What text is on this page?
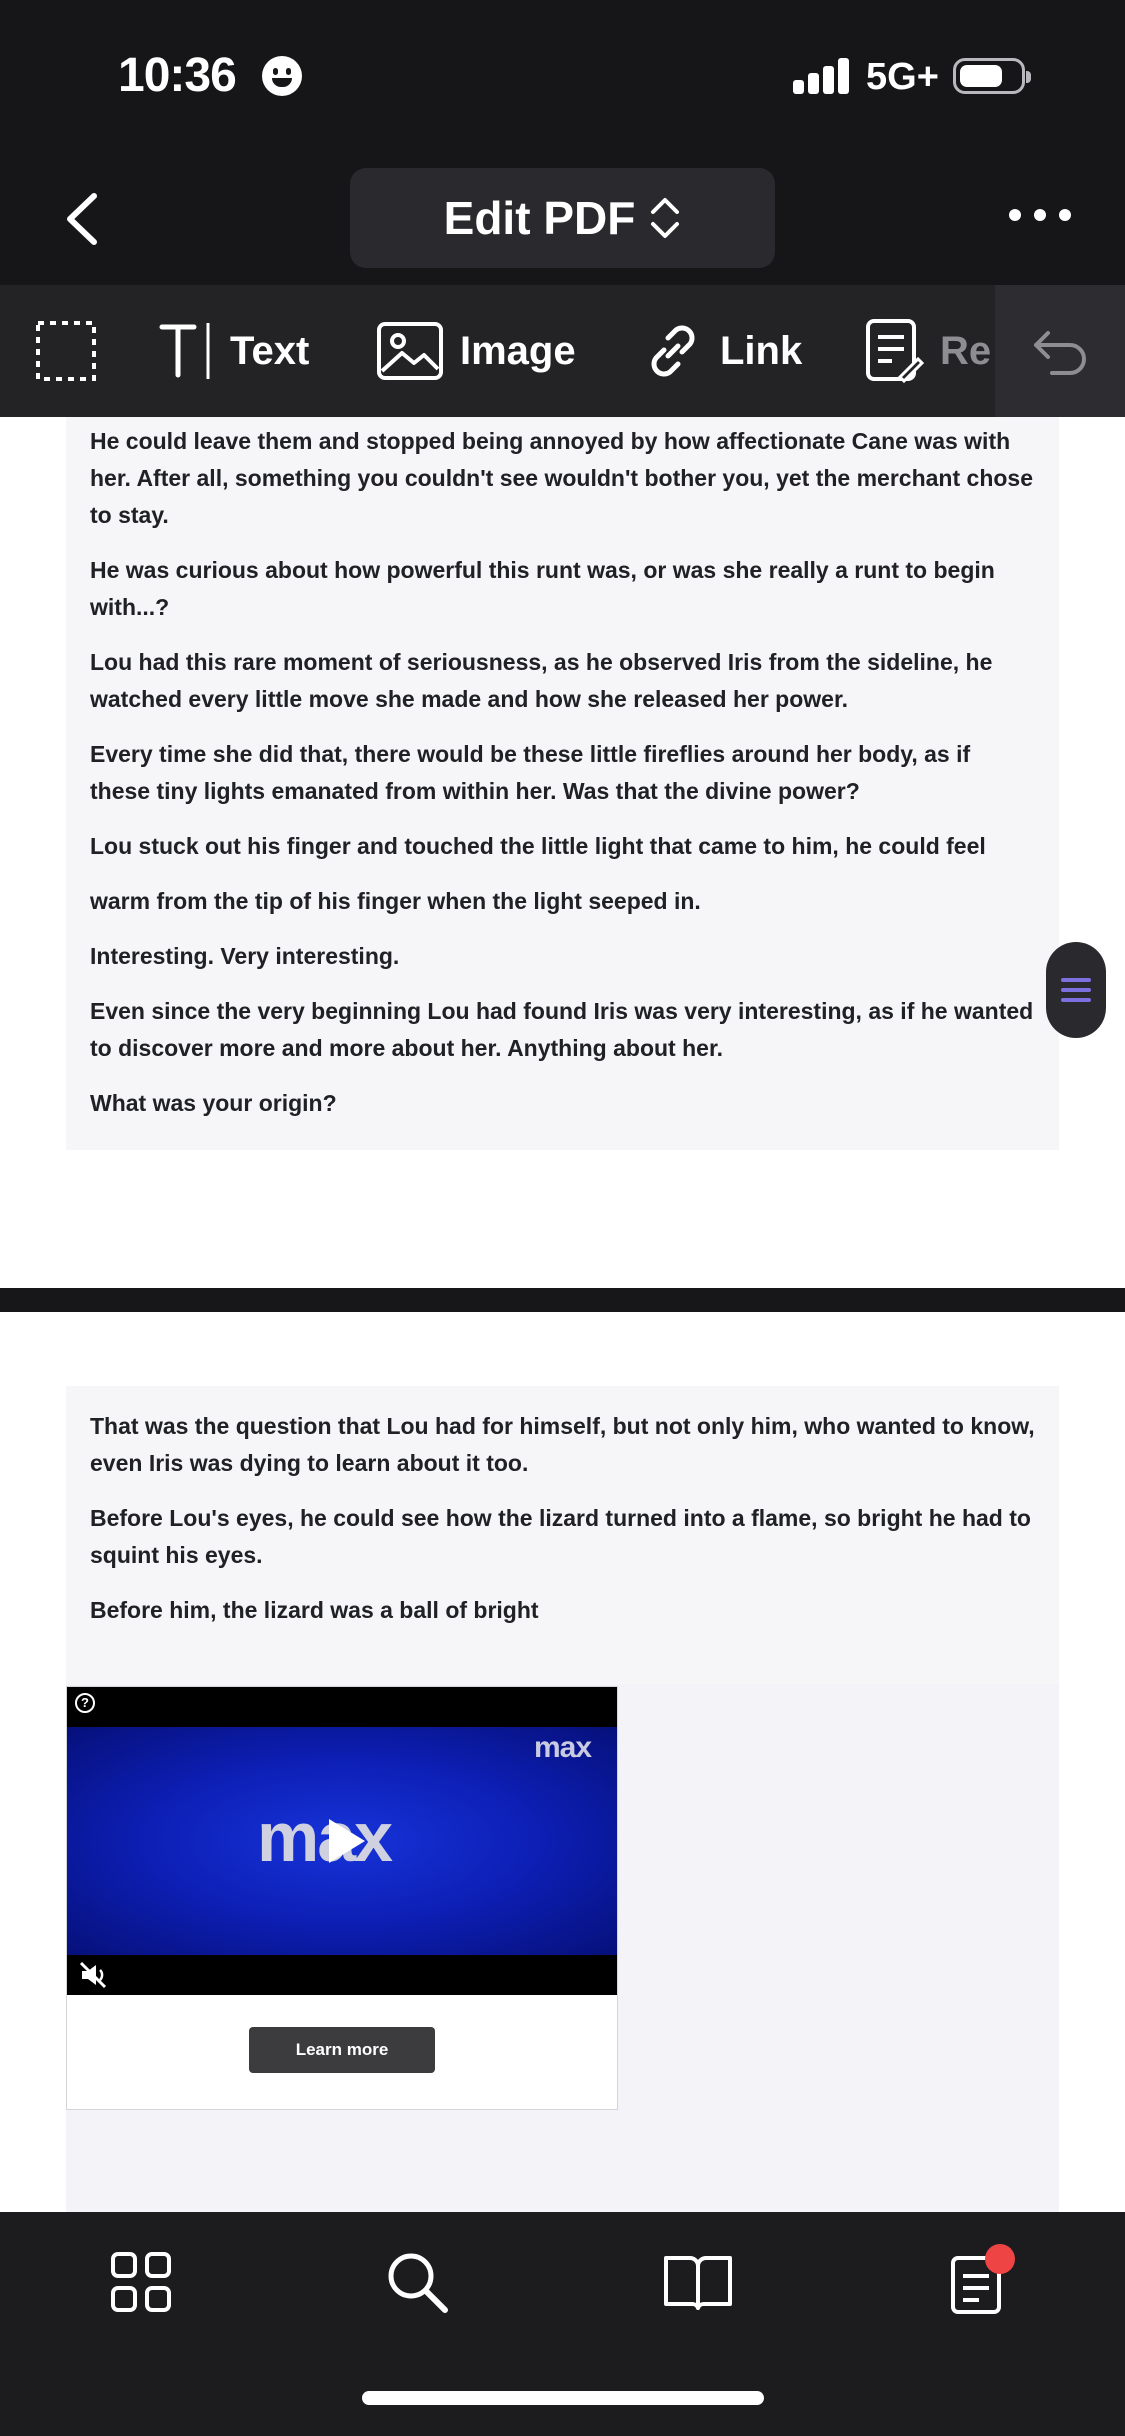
10:36	5G+
Edit PDF
Text	Image	Link	Re

He could leave them and stopped being annoyed by how affectionate Cane was with her. After all, something you couldn't see wouldn't bother you, yet the merchant chose to stay.

He was curious about how powerful this runt was, or was she really a runt to begin with...?

Lou had this rare moment of seriousness, as he observed Iris from the sideline, he watched every little move she made and how she released her power.

Every time she did that, there would be these little fireflies around her body, as if these tiny lights emanated from within her. Was that the divine power?

Lou stuck out his finger and touched the little light that came to him, he could feel

warm from the tip of his finger when the light seeped in.

Interesting. Very interesting.

Even since the very beginning Lou had found Iris was very interesting, as if he wanted to discover more and more about her. Anything about her.

What was your origin?

That was the question that Lou had for himself, but not only him, who wanted to know, even Iris was dying to learn about it too.

Before Lou's eyes, he could see how the lizard turned into a flame, so bright he had to squint his eyes.

Before him, the lizard was a ball of bright

?
max
max
Learn more
